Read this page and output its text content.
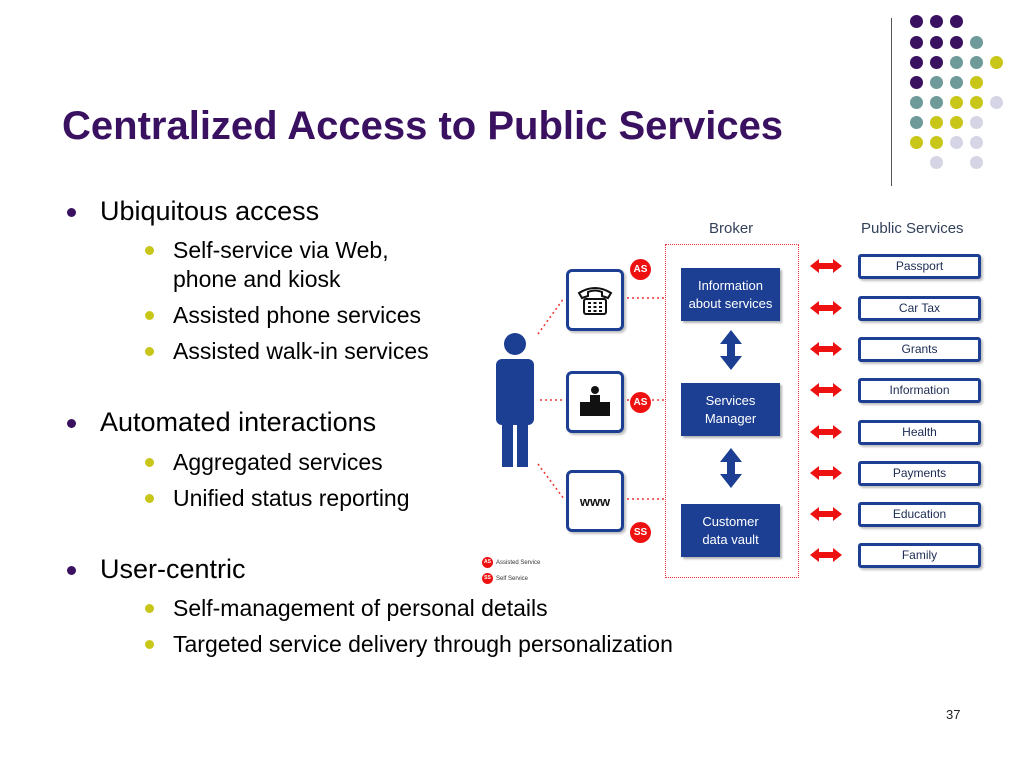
Centralized Access to Public Services
Ubiquitous access
Self-service via Web,
phone and kiosk
Assisted phone services
Assisted walk-in services
Automated interactions
Aggregated services
Unified status reporting
User-centric
Self-management of personal details
Targeted service delivery through personalization
Broker	Public Services
Information
about services
Services
Manager
Customer
data vault
www
AS
AS
SS
Passport
Car Tax
Grants
Information
Health
Payments
Education
Family
AS Assisted Service
SS Self Service
37
